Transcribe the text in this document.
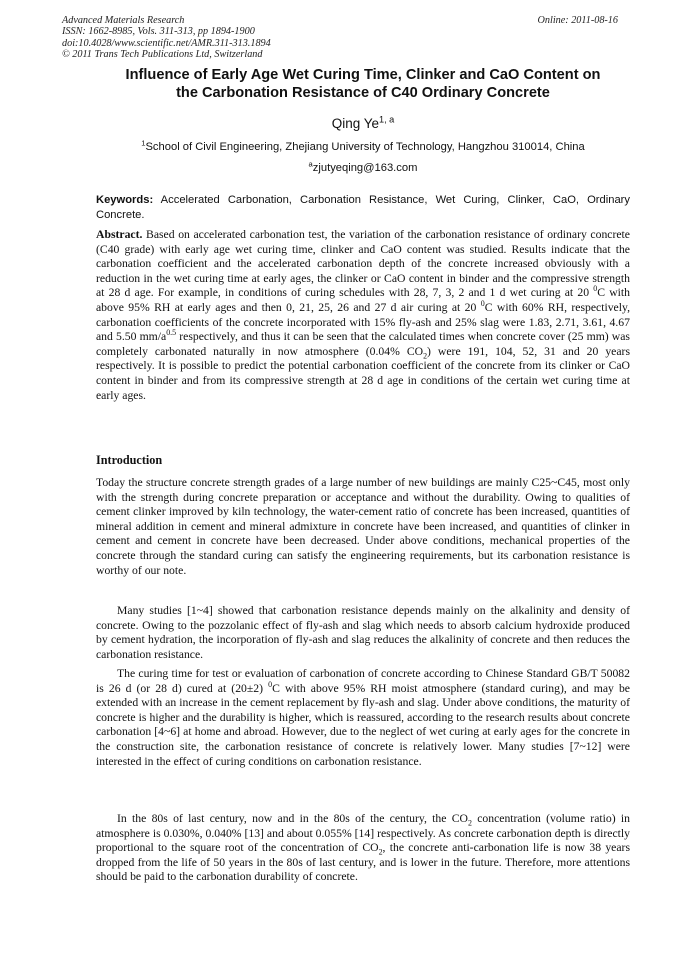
Advanced Materials Research
ISSN: 1662-8985, Vols. 311-313, pp 1894-1900
doi:10.4028/www.scientific.net/AMR.311-313.1894
© 2011 Trans Tech Publications Ltd, Switzerland
Online: 2011-08-16
Influence of Early Age Wet Curing Time, Clinker and CaO Content on
the Carbonation Resistance of C40 Ordinary Concrete
Qing Ye$^{1, a}$
$^1$School of Civil Engineering, Zhejiang University of Technology, Hangzhou 310014, China
$^a$zjutyeqing@163.com
Keywords: Accelerated Carbonation, Carbonation Resistance, Wet Curing, Clinker, CaO, Ordinary Concrete.
Abstract. Based on accelerated carbonation test, the variation of the carbonation resistance of ordinary concrete (C40 grade) with early age wet curing time, clinker and CaO content was studied. Results indicate that the carbonation coefficient and the accelerated carbonation depth of the concrete increased obviously with a reduction in the wet curing time at early ages, the clinker or CaO content in binder and the compressive strength at 28 d age. For example, in conditions of curing schedules with 28, 7, 3, 2 and 1 d wet curing at 20 $^0$C with above 95% RH at early ages and then 0, 21, 25, 26 and 27 d air curing at 20 $^0$C with 60% RH, respectively, carbonation coefficients of the concrete incorporated with 15% fly-ash and 25% slag were 1.83, 2.71, 3.61, 4.67 and 5.50 $mm/a^{0.5}$ respectively, and thus it can be seen that the calculated times when concrete cover (25 mm) was completely carbonated naturally in now atmosphere (0.04% $CO_2$) were 191, 104, 52, 31 and 20 years respectively. It is possible to predict the potential carbonation coefficient of the concrete from its clinker or CaO content in binder and from its compressive strength at 28 d age in conditions of the certain wet curing time at early ages.
Introduction
Today the structure concrete strength grades of a large number of new buildings are mainly C25~C45, most only with the strength during concrete preparation or acceptance and without the durability. Owing to qualities of cement clinker improved by kiln technology, the water-cement ratio of concrete has been increased, quantities of mineral addition in cement and mineral admixture in concrete have been increased, and quantities of clinker in cement and cement in concrete have been decreased. Under above conditions, mechanical properties of the concrete through the standard curing can satisfy the engineering requirements, but its carbonation resistance is worthy of our note.
Many studies [1~4] showed that carbonation resistance depends mainly on the alkalinity and density of concrete. Owing to the pozzolanic effect of fly-ash and slag which needs to absorb calcium hydroxide produced by cement hydration, the incorporation of fly-ash and slag reduces the alkalinity of concrete and then reduces the carbonation resistance.
The curing time for test or evaluation of carbonation of concrete according to Chinese Standard GB/T 50082 is 26 d (or 28 d) cured at (20±2) $^0$C with above 95% RH moist atmosphere (standard curing), and may be extended with an increase in the cement replacement by fly-ash and slag. Under above conditions, the maturity of concrete is higher and the durability is higher, which is reassured, according to the research results about concrete carbonation [4~6] at home and abroad. However, due to the neglect of wet curing at early ages for the concrete in the construction site, the carbonation resistance of concrete is relatively lower. Many studies [7~12] were interested in the effect of curing conditions on carbonation resistance.
In the 80s of last century, now and in the 80s of the century, the $CO_2$ concentration (volume ratio) in atmosphere is 0.030%, 0.040% [13] and about 0.055% [14] respectively. As concrete carbonation depth is directly proportional to the square root of the concentration of $CO_2$, the concrete anti-carbonation life is now 38 years dropped from the life of 50 years in the 80s of last century, and is lower in the future. Therefore, more attentions should be paid to the carbonation durability of concrete.
